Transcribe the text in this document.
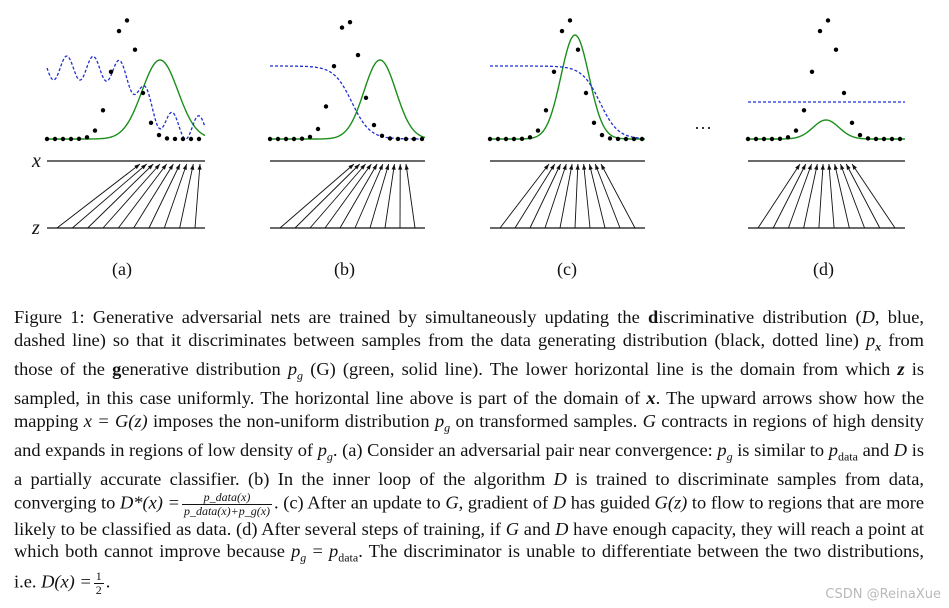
x
z
···
(a)	(b)	(c)	(d)

Figure 1: Generative adversarial nets are trained by simultaneously updating the discriminative distribution (D, blue, dashed line) so that it discriminates between samples from the data generating distribution (black, dotted line) $p_x$ from those of the generative distribution $p_g$ (G) (green, solid line). The lower horizontal line is the domain from which z is sampled, in this case uniformly. The horizontal line above is part of the domain of x. The upward arrows show how the mapping x = G(z) imposes the non-uniform distribution $p_g$ on transformed samples. G contracts in regions of high density and expands in regions of low density of $p_g$. (a) Consider an adversarial pair near convergence: $p_g$ is similar to $p_{data}$ and D is a partially accurate classifier. (b) In the inner loop of the algorithm D is trained to discriminate samples from data, converging to $D*(x) = \frac{\text{p\_data(x)}}{\text{p\_data(x)+p\_g(x)}}$ . (c) After an update to G, gradient of D has guided G(z) to flow to regions that are more likely to be classified as data. (d) After several steps of training, if G and D have enough capacity, they will reach a point at which both cannot improve because $p_g = p_{data}$. The discriminator is unable to differentiate between the two distributions, i.e. $D(x) = \frac{1}{2}$ .

CSDN @ReinaXue
